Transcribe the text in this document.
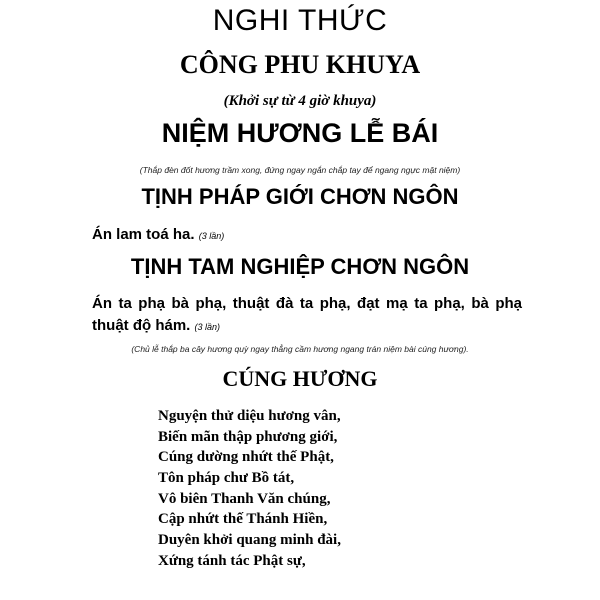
NGHI THỨC
CÔNG PHU KHUYA
(Khởi sự từ 4 giờ khuya)
NIỆM HƯƠNG LỄ BÁI
(Thắp đèn đốt hương trầm xong, đứng ngay ngắn chắp tay để ngang ngực mật niệm)
TỊNH PHÁP GIỚI CHƠN NGÔN
Án lam toá ha. (3 lần)
TỊNH TAM NGHIỆP CHƠN NGÔN
Án ta phạ bà phạ, thuật đà ta phạ, đạt mạ ta phạ, bà phạ
thuật độ hám. (3 lần)
(Chủ lễ thắp ba cây hương quỳ ngay thẳng cầm hương ngang trán niệm bài cúng hương).
CÚNG HƯƠNG
Nguyện thử diệu hương vân,
Biến mãn thập phương giới,
Cúng dường nhứt thế Phật,
Tôn pháp chư Bồ tát,
Vô biên Thanh Văn chúng,
Cập nhứt thế Thánh Hiền,
Duyên khởi quang minh đài,
Xứng tánh tác Phật sự,
